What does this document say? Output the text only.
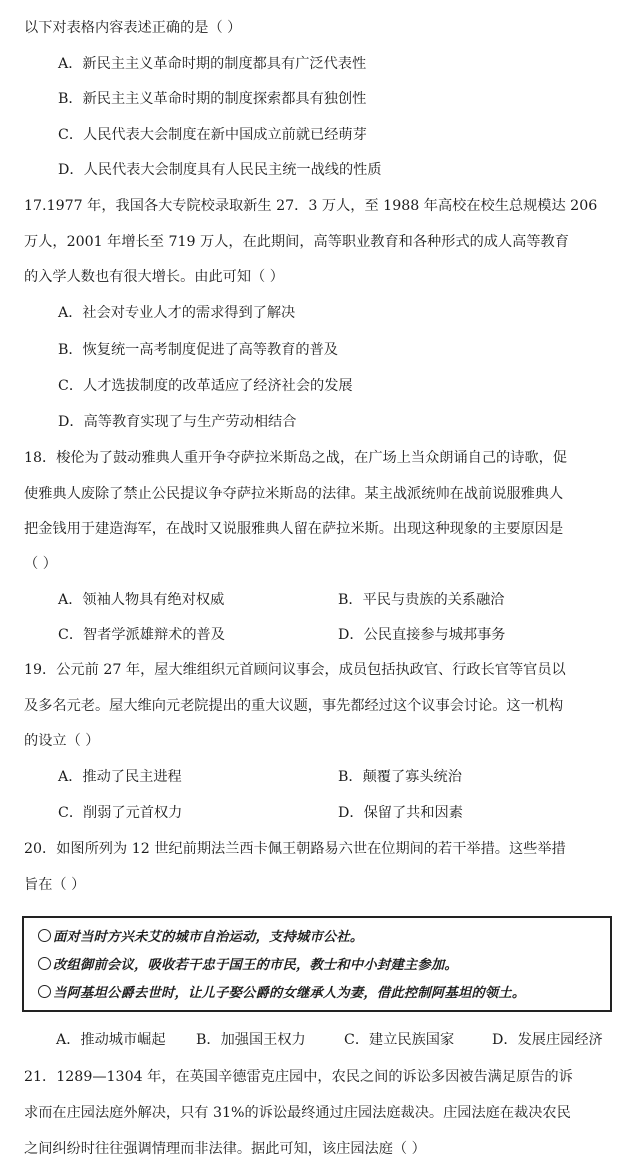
以下对表格内容表述正确的是（ ）
A．新民主主义革命时期的制度都具有广泛代表性
B．新民主主义革命时期的制度探索都具有独创性
C．人民代表大会制度在新中国成立前就已经萌芽
D．人民代表大会制度具有人民民主统一战线的性质
17.1977 年，我国各大专院校录取新生 27．3 万人，至 1988 年高校在校生总规模达 206
万人，2001 年增长至 719 万人，在此期间，高等职业教育和各种形式的成人高等教育
的入学人数也有很大增长。由此可知（ ）
A．社会对专业人才的需求得到了解决
B．恢复统一高考制度促进了高等教育的普及
C．人才选拔制度的改革适应了经济社会的发展
D．高等教育实现了与生产劳动相结合
18．梭伦为了鼓动雅典人重开争夺萨拉米斯岛之战，在广场上当众朗诵自己的诗歌，促
使雅典人废除了禁止公民提议争夺萨拉米斯岛的法律。某主战派统帅在战前说服雅典人
把金钱用于建造海军，在战时又说服雅典人留在萨拉米斯。出现这种现象的主要原因是
（ ）
A．领袖人物具有绝对权威	B．平民与贵族的关系融洽
C．智者学派雄辩术的普及	D．公民直接参与城邦事务
19．公元前 27 年，屋大维组织元首顾问议事会，成员包括执政官、行政长官等官员以
及多名元老。屋大维向元老院提出的重大议题，事先都经过这个议事会讨论。这一机构
的设立（ ）
A．推动了民主进程	B．颠覆了寡头统治
C．削弱了元首权力	D．保留了共和因素
20．如图所列为 12 世纪前期法兰西卡佩王朝路易六世在位期间的若干举措。这些举措
旨在（ ）
面对当时方兴未艾的城市自治运动，支持城市公社。
改组御前会议，吸收若干忠于国王的市民，教士和中小封建主参加。
当阿基坦公爵去世时，让儿子娶公爵的女继承人为妻，借此控制阿基坦的领土。
A．推动城市崛起 B．加强国王权力	C．建立民族国家	D．发展庄园经济
21．1289—1304 年，在英国辛德雷克庄园中，农民之间的诉讼多因被告满足原告的诉
求而在庄园法庭外解决，只有 31%的诉讼最终通过庄园法庭裁决。庄园法庭在裁决农民
之间纠纷时往往强调情理而非法律。据此可知，该庄园法庭（ ）
